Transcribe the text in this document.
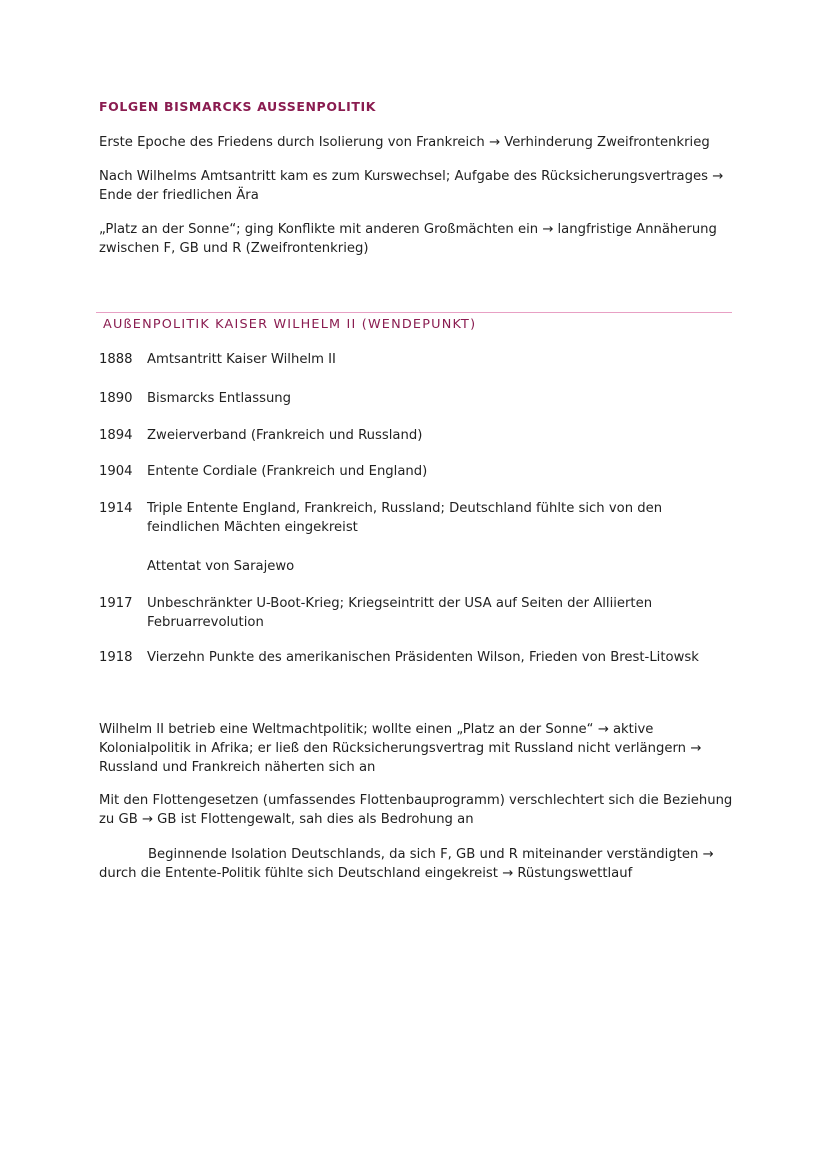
FOLGEN BISMARCKS AUSSENPOLITIK

Erste Epoche des Friedens durch Isolierung von Frankreich → Verhinderung Zweifrontenkrieg

Nach Wilhelms Amtsantritt kam es zum Kurswechsel; Aufgabe des Rücksicherungsvertrages → Ende der friedlichen Ära

„Platz an der Sonne“; ging Konflikte mit anderen Großmächten ein → langfristige Annäherung zwischen F, GB und R (Zweifrontenkrieg)

AUßENPOLITIK KAISER WILHELM II (WENDEPUNKT)
1888	Amtsantritt Kaiser Wilhelm II
1890	Bismarcks Entlassung
1894	Zweierverband (Frankreich und Russland)
1904	Entente Cordiale (Frankreich und England)
1914	Triple Entente England, Frankreich, Russland; Deutschland fühlte sich von den feindlichen Mächten eingekreist
Attentat von Sarajewo
1917	Unbeschränkter U-Boot-Krieg; Kriegseintritt der USA auf Seiten der Alliierten Februarrevolution
1918	Vierzehn Punkte des amerikanischen Präsidenten Wilson, Frieden von Brest-Litowsk

Wilhelm II betrieb eine Weltmachtpolitik; wollte einen „Platz an der Sonne“ → aktive Kolonialpolitik in Afrika; er ließ den Rücksicherungsvertrag mit Russland nicht verlängern → Russland und Frankreich näherten sich an

Mit den Flottengesetzen (umfassendes Flottenbauprogramm) verschlechtert sich die Beziehung zu GB → GB ist Flottengewalt, sah dies als Bedrohung an

Beginnende Isolation Deutschlands, da sich F, GB und R miteinander verständigten → durch die Entente-Politik fühlte sich Deutschland eingekreist → Rüstungswettlauf
